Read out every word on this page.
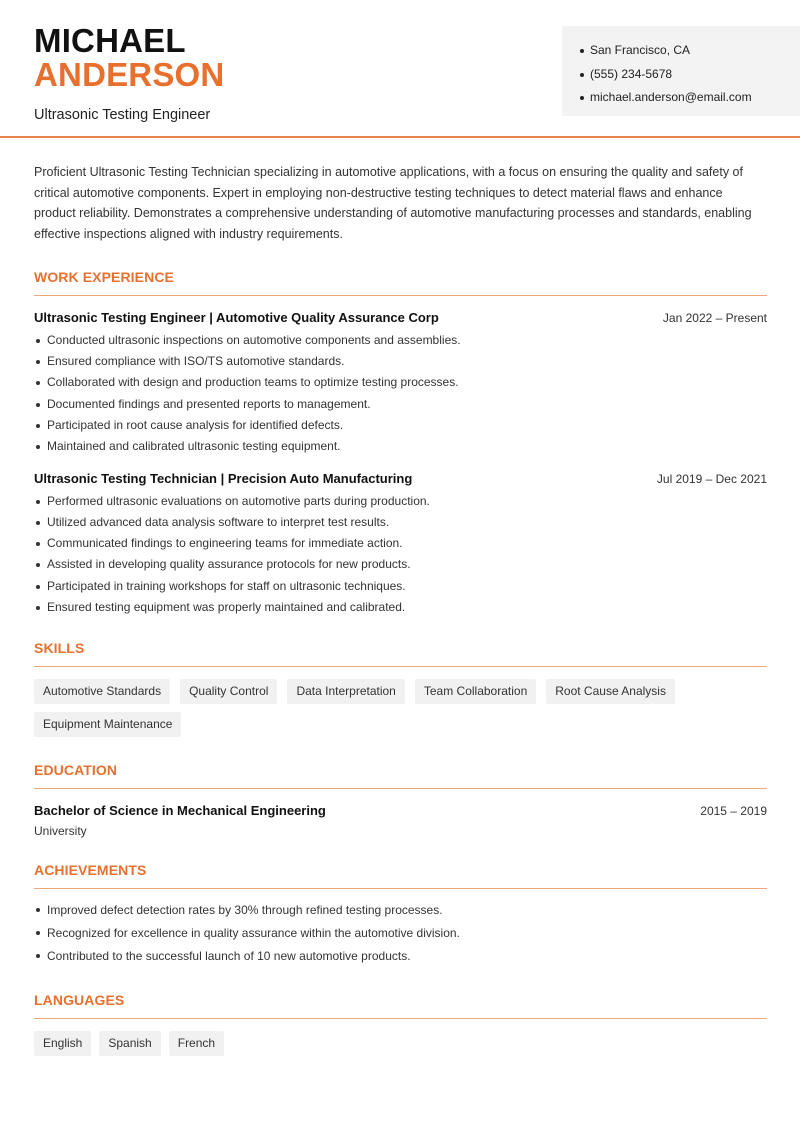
MICHAEL
ANDERSON
Ultrasonic Testing Engineer
San Francisco, CA
(555) 234-5678
michael.anderson@email.com

Proficient Ultrasonic Testing Technician specializing in automotive applications, with a focus on ensuring the quality and safety of critical automotive components. Expert in employing non-destructive testing techniques to detect material flaws and enhance product reliability. Demonstrates a comprehensive understanding of automotive manufacturing processes and standards, enabling effective inspections aligned with industry requirements.

WORK EXPERIENCE
Ultrasonic Testing Engineer | Automotive Quality Assurance Corp	Jan 2022 – Present
Conducted ultrasonic inspections on automotive components and assemblies.
Ensured compliance with ISO/TS automotive standards.
Collaborated with design and production teams to optimize testing processes.
Documented findings and presented reports to management.
Participated in root cause analysis for identified defects.
Maintained and calibrated ultrasonic testing equipment.
Ultrasonic Testing Technician | Precision Auto Manufacturing	Jul 2019 – Dec 2021
Performed ultrasonic evaluations on automotive parts during production.
Utilized advanced data analysis software to interpret test results.
Communicated findings to engineering teams for immediate action.
Assisted in developing quality assurance protocols for new products.
Participated in training workshops for staff on ultrasonic techniques.
Ensured testing equipment was properly maintained and calibrated.
SKILLS
Automotive Standards	Quality Control	Data Interpretation	Team Collaboration	Root Cause Analysis
Equipment Maintenance
EDUCATION
Bachelor of Science in Mechanical Engineering	2015 – 2019
University
ACHIEVEMENTS
Improved defect detection rates by 30% through refined testing processes.
Recognized for excellence in quality assurance within the automotive division.
Contributed to the successful launch of 10 new automotive products.
LANGUAGES
English	Spanish	French
